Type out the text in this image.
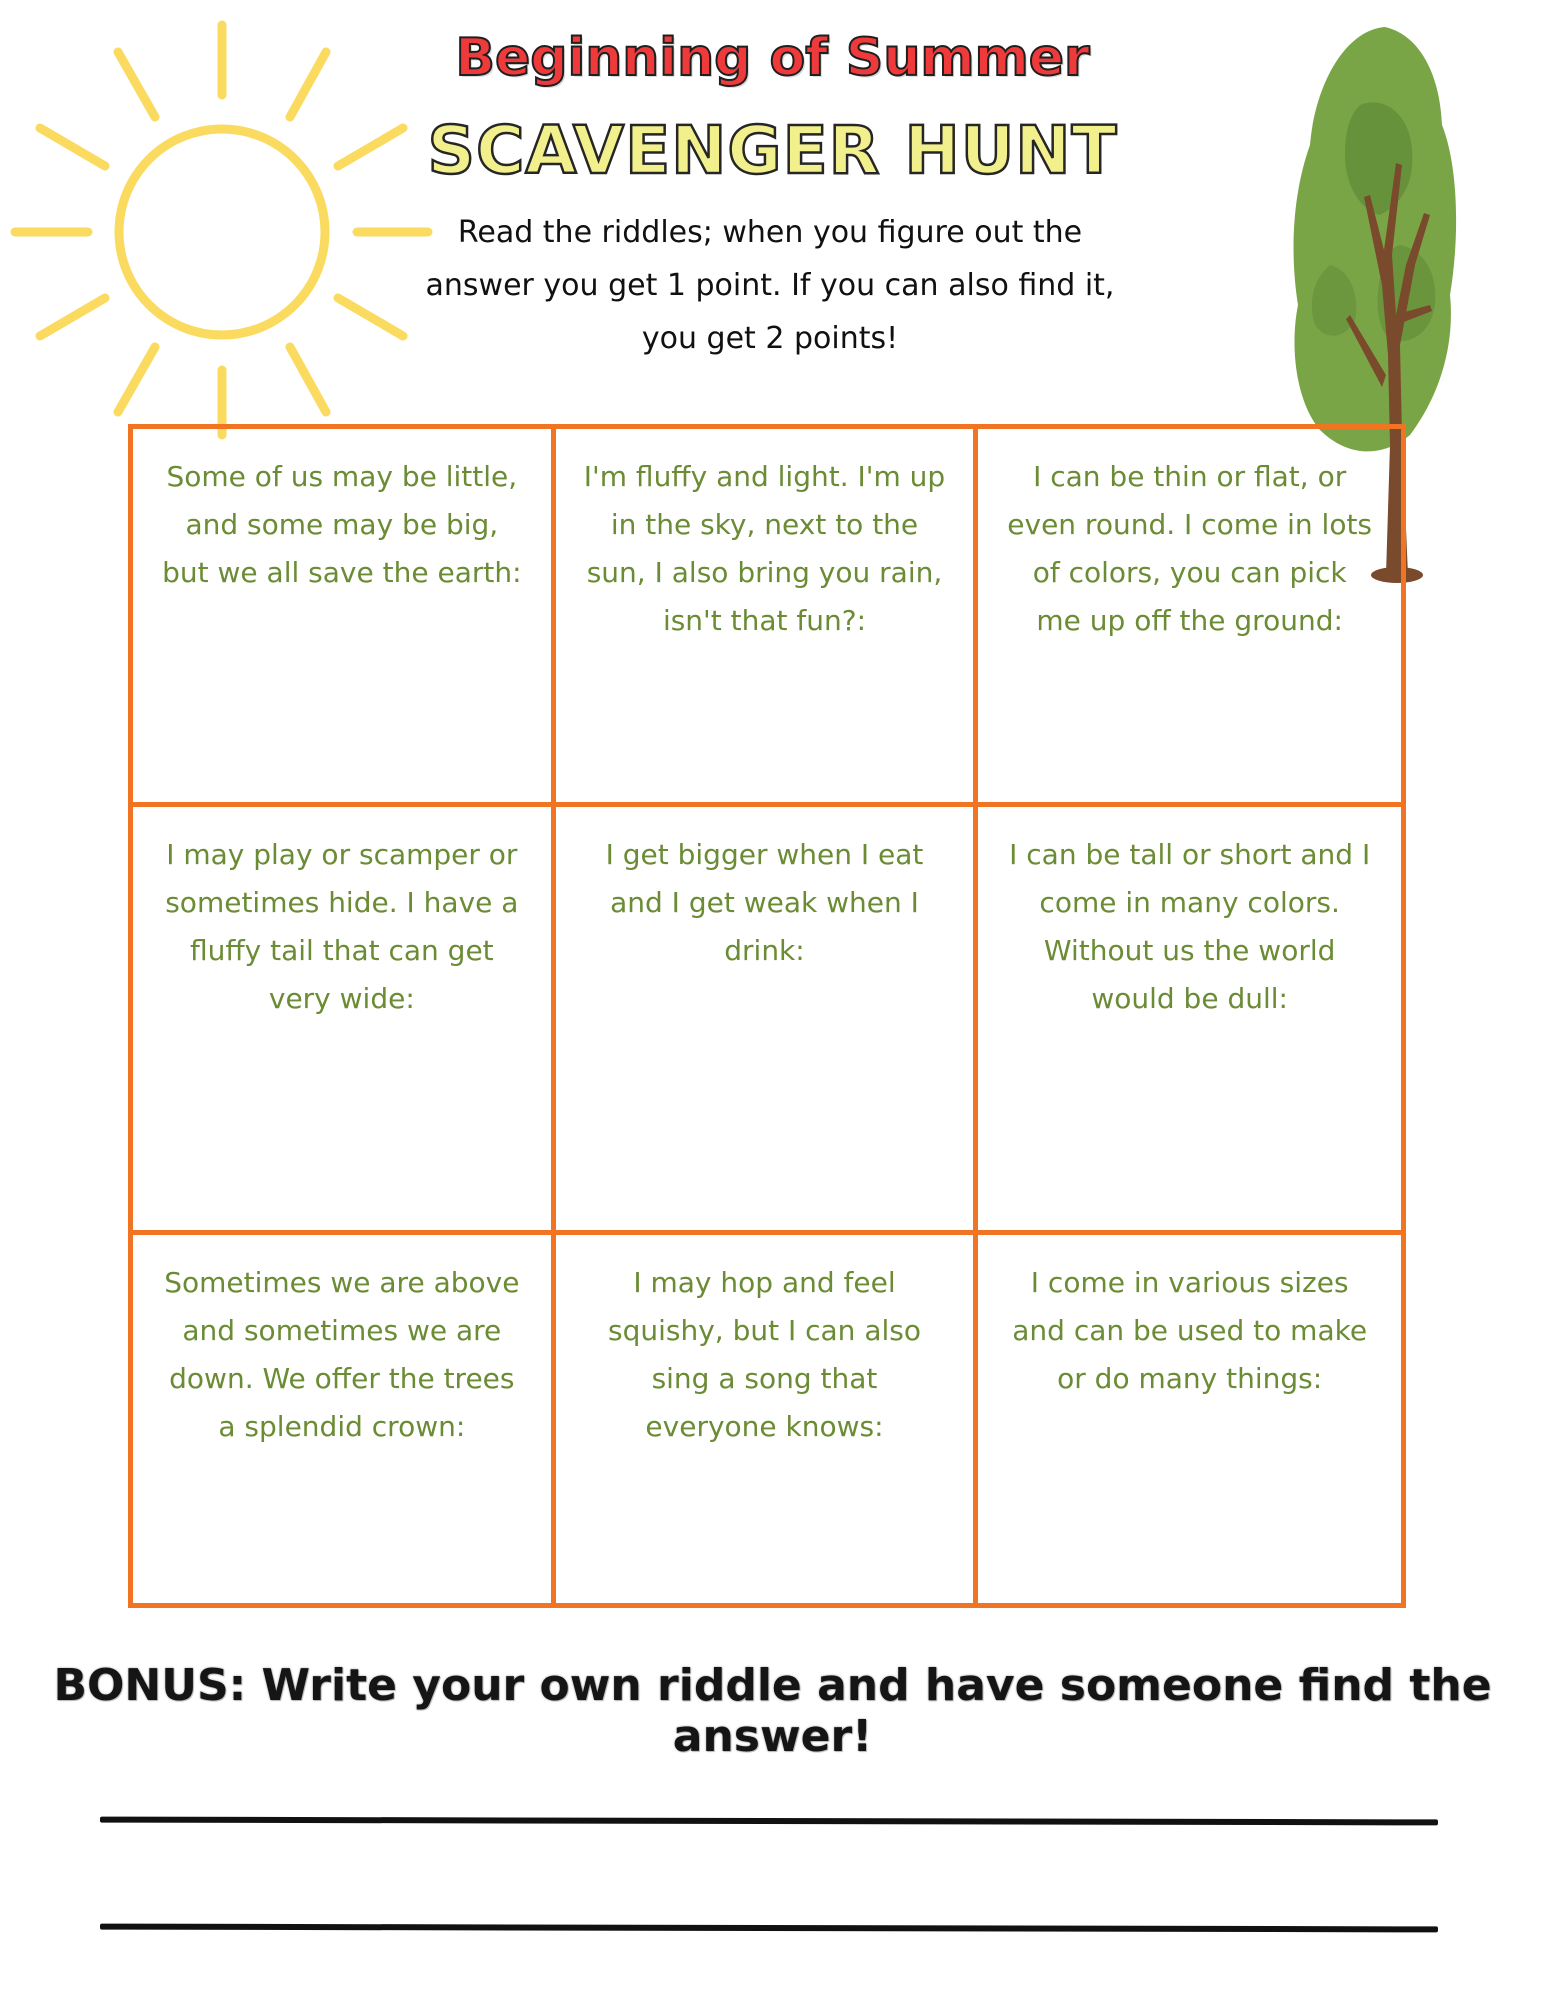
Beginning of Summer
SCAVENGER HUNT
Read the riddles; when you figure out the answer you get 1 point. If you can also find it, you get 2 points!
Some of us may be little, and some may be big, but we all save the earth:
I'm fluffy and light. I'm up in the sky, next to the sun, I also bring you rain, isn't that fun?:
I can be thin or flat, or even round. I come in lots of colors, you can pick me up off the ground:
I may play or scamper or sometimes hide. I have a fluffy tail that can get very wide:
I get bigger when I eat and I get weak when I drink:
I can be tall or short and I come in many colors. Without us the world would be dull:
Sometimes we are above and sometimes we are down. We offer the trees a splendid crown:
I may hop and feel squishy, but I can also sing a song that everyone knows:
I come in various sizes and can be used to make or do many things:
BONUS: Write your own riddle and have someone find the answer!
